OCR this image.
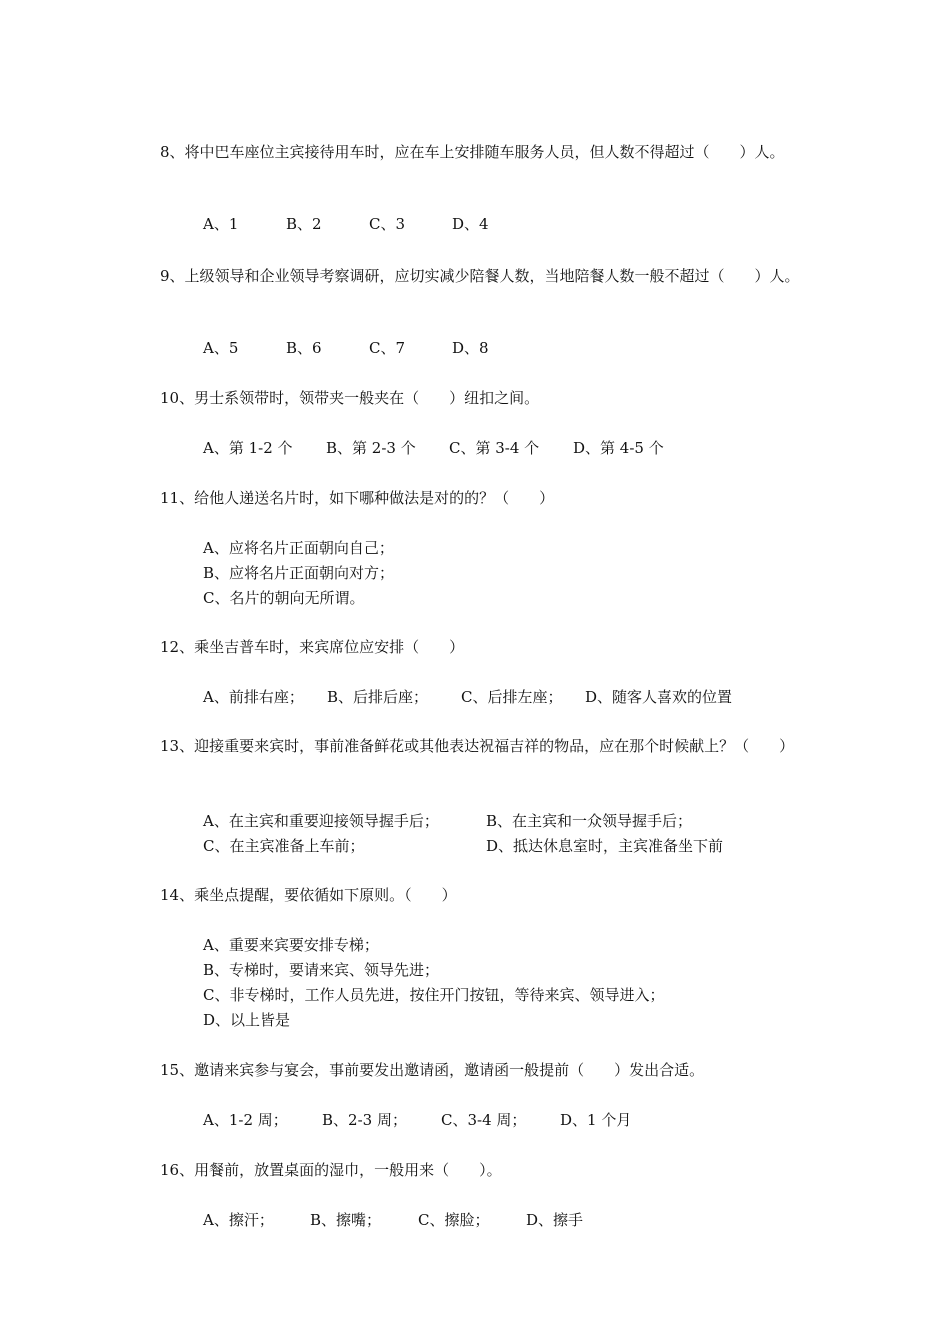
8、将中巴车座位主宾接待用车时，应在车上安排随车服务人员，但人数不得超过（　　）人。

A、1

	B、2

	C、3

	D、4

9、上级领导和企业领导考察调研，应切实减少陪餐人数，当地陪餐人数一般不超过（　　）人。

A、5

	B、6

	C、7

	D、8

10、男士系领带时，领带夹一般夹在（　　）纽扣之间。

A、第 1-2 个

B、第 2-3 个

C、第 3-4 个

D、第 4-5 个

11、给他人递送名片时，如下哪种做法是对的的？（　　）

A、应将名片正面朝向自己；
B、应将名片正面朝向对方；
C、名片的朝向无所谓。

12、乘坐吉普车时，来宾席位应安排（　　）

A、前排右座；

B、后排后座；

C、后排左座；

D、随客人喜欢的位置

13、迎接重要来宾时，事前准备鲜花或其他表达祝福吉祥的物品，应在那个时候献上？（　　）

A、在主宾和重要迎接领导握手后；

	B、在主宾和一众领导握手后；

C、在主宾准备上车前；

	D、抵达休息室时，主宾准备坐下前

14、乘坐点提醒，要依循如下原则。（　　）

A、重要来宾要安排专梯；
B、专梯时，要请来宾、领导先进；
C、非专梯时，工作人员先进，按住开门按钮，等待来宾、领导进入；
D、以上皆是

15、邀请来宾参与宴会，事前要发出邀请函，邀请函一般提前（　　）发出合适。

A、1-2 周；

B、2-3 周；

C、3-4 周；

D、1 个月

16、用餐前，放置桌面的湿巾，一般用来（　　）。

A、擦汗；

B、擦嘴；

C、擦脸；

D、擦手
